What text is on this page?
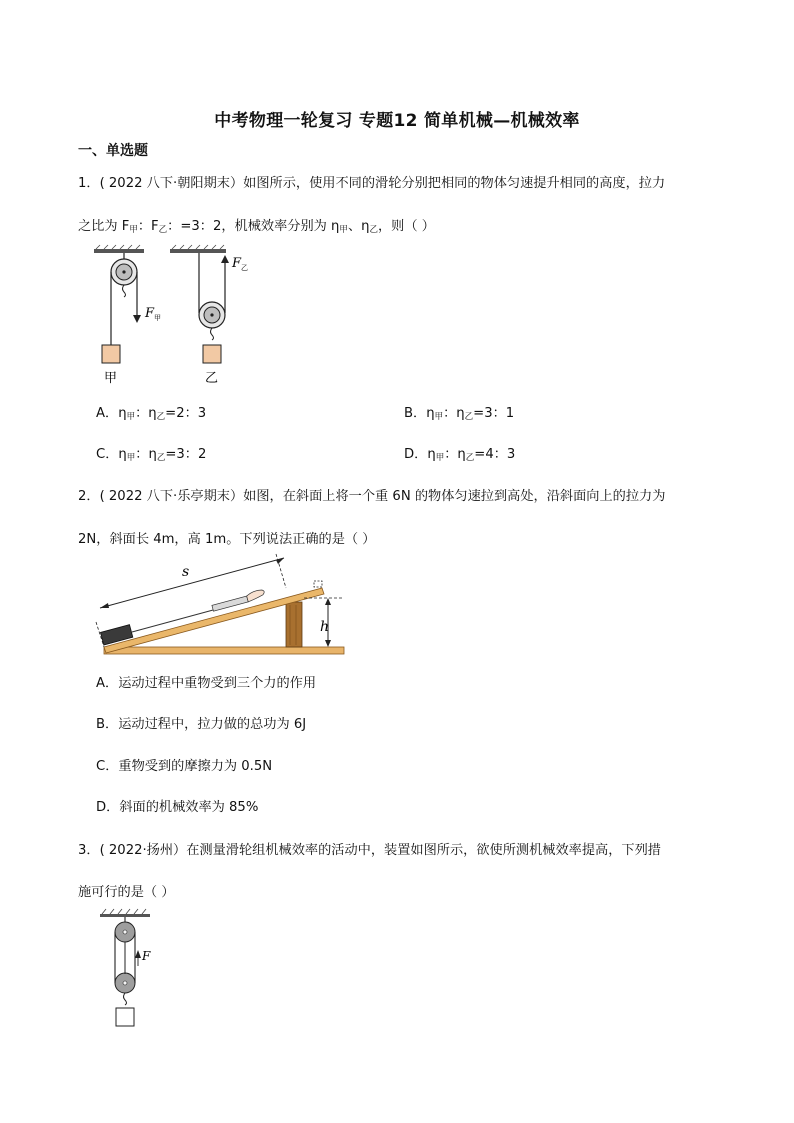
中考物理一轮复习 专题12 简单机械—机械效率
一、单选题
1．( 2022 八下·朝阳期末）如图所示，使用不同的滑轮分别把相同的物体匀速提升相同的高度，拉力
之比为 $F_甲$：$F_乙$：=3：2，机械效率分别为 $\eta_甲$、$\eta_乙$，则（ ）
F 甲
甲
F 乙
乙
A．$\eta_甲$：$\eta_乙=2$：3	B．$\eta_甲$：$\eta_乙=3$：1
C．$\eta_甲$：$\eta_乙=3$：2	D．$\eta_甲$：$\eta_乙=4$：3
2．( 2022 八下·乐亭期末）如图，在斜面上将一个重 6N 的物体匀速拉到高处，沿斜面向上的拉力为
2N，斜面长 4m，高 1m。下列说法正确的是（ ）
s
h
A．运动过程中重物受到三个力的作用
B．运动过程中，拉力做的总功为 6J
C．重物受到的摩擦力为 0.5N
D．斜面的机械效率为 85%
3．( 2022·扬州）在测量滑轮组机械效率的活动中，装置如图所示，欲使所测机械效率提高，下列措
施可行的是（ ）
F
